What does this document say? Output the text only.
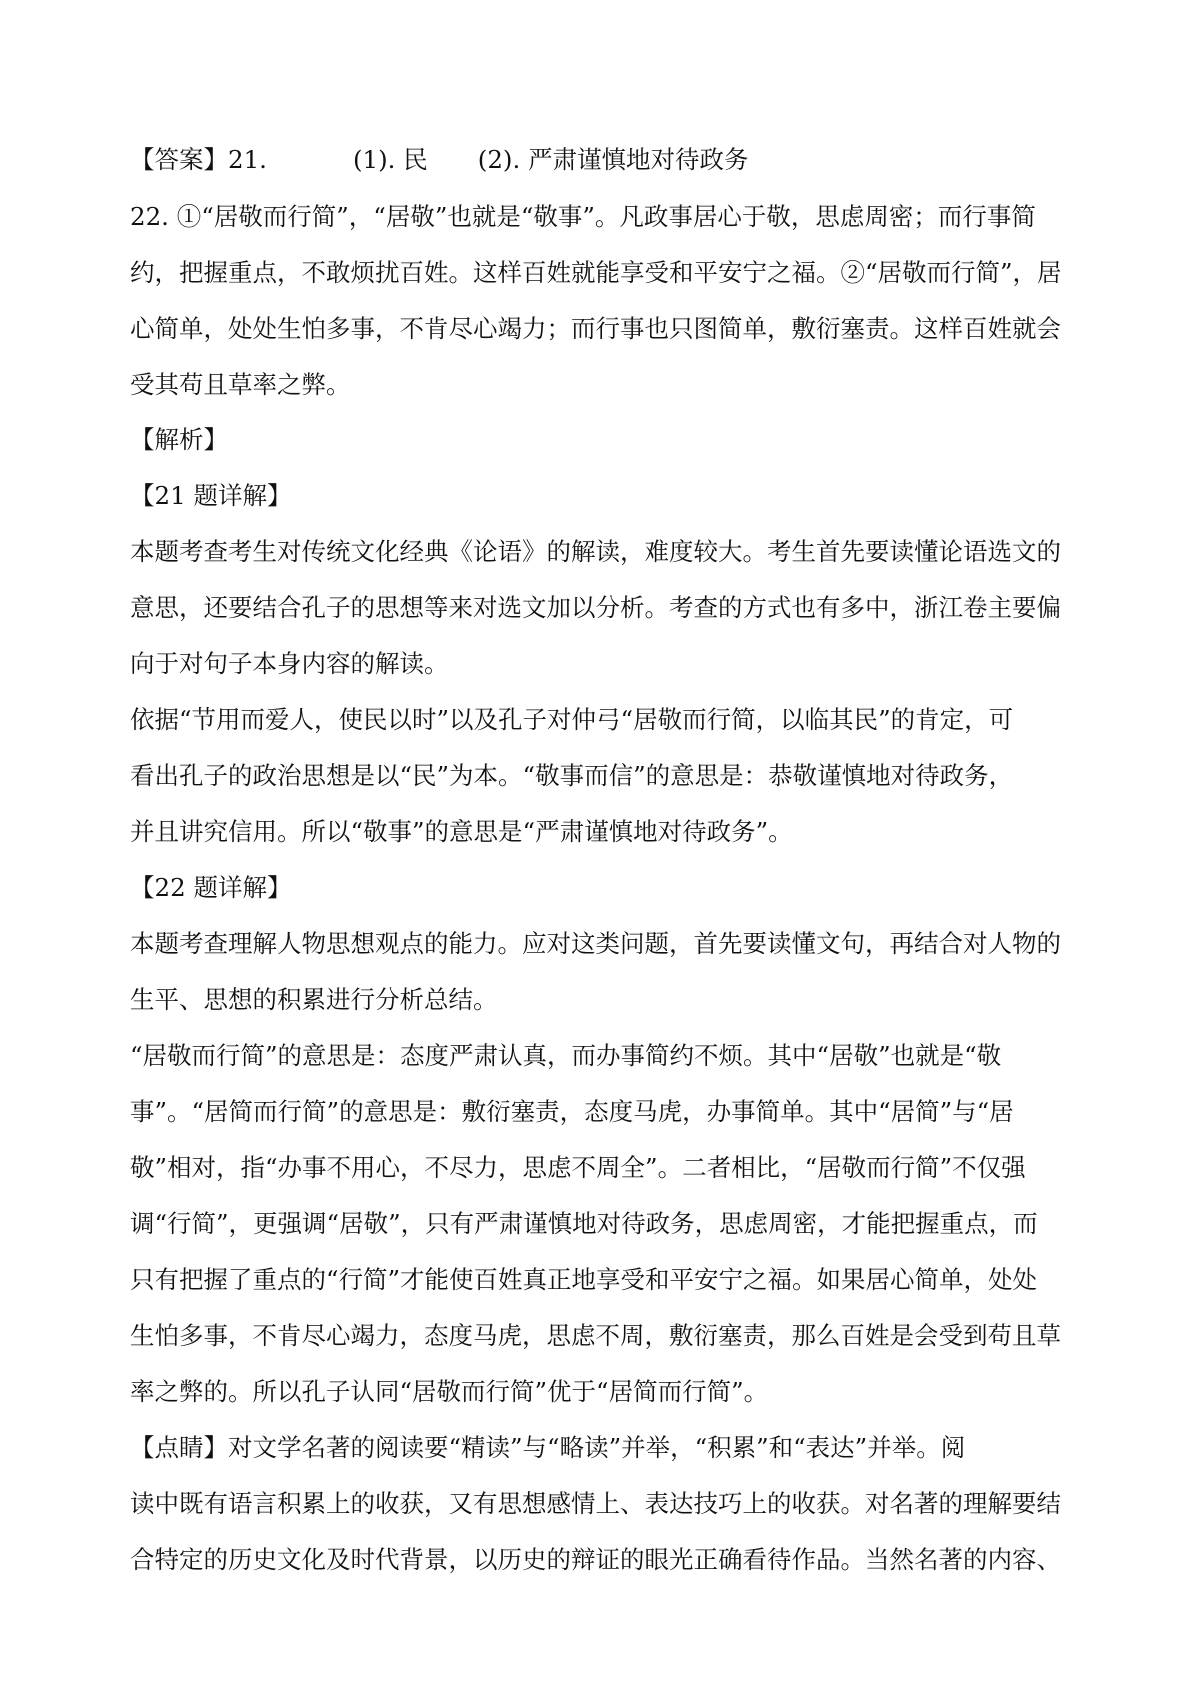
【答案】21.	(1). 民 (2). 严肃谨慎地对待政务
22. ①“居敬而行简”，“居敬”也就是“敬事”。凡政事居心于敬，思虑周密；而行事简
约，把握重点，不敢烦扰百姓。这样百姓就能享受和平安宁之福。②“居敬而行简”，居
心简单，处处生怕多事，不肯尽心竭力；而行事也只图简单，敷衍塞责。这样百姓就会
受其苟且草率之弊。
【解析】
【21 题详解】
本题考查考生对传统文化经典《论语》的解读，难度较大。考生首先要读懂论语选文的
意思，还要结合孔子的思想等来对选文加以分析。考查的方式也有多中，浙江卷主要偏
向于对句子本身内容的解读。
依据“节用而爱人，使民以时”以及孔子对仲弓“居敬而行简，以临其民”的肯定，可
看出孔子的政治思想是以“民”为本。“敬事而信”的意思是：恭敬谨慎地对待政务，
并且讲究信用。所以“敬事”的意思是“严肃谨慎地对待政务”。
【22 题详解】
本题考查理解人物思想观点的能力。应对这类问题，首先要读懂文句，再结合对人物的
生平、思想的积累进行分析总结。
“居敬而行简”的意思是：态度严肃认真，而办事简约不烦。其中“居敬”也就是“敬
事”。“居简而行简”的意思是：敷衍塞责，态度马虎，办事简单。其中“居简”与“居
敬”相对，指“办事不用心，不尽力，思虑不周全”。二者相比，“居敬而行简”不仅强
调“行简”，更强调“居敬”，只有严肃谨慎地对待政务，思虑周密，才能把握重点，而
只有把握了重点的“行简”才能使百姓真正地享受和平安宁之福。如果居心简单，处处
生怕多事，不肯尽心竭力，态度马虎，思虑不周，敷衍塞责，那么百姓是会受到苟且草
率之弊的。所以孔子认同“居敬而行简”优于“居简而行简”。
【点睛】对文学名著的阅读要“精读”与“略读”并举，“积累”和“表达”并举。阅
读中既有语言积累上的收获，又有思想感情上、表达技巧上的收获。对名著的理解要结
合特定的历史文化及时代背景，以历史的辩证的眼光正确看待作品。当然名著的内容、
